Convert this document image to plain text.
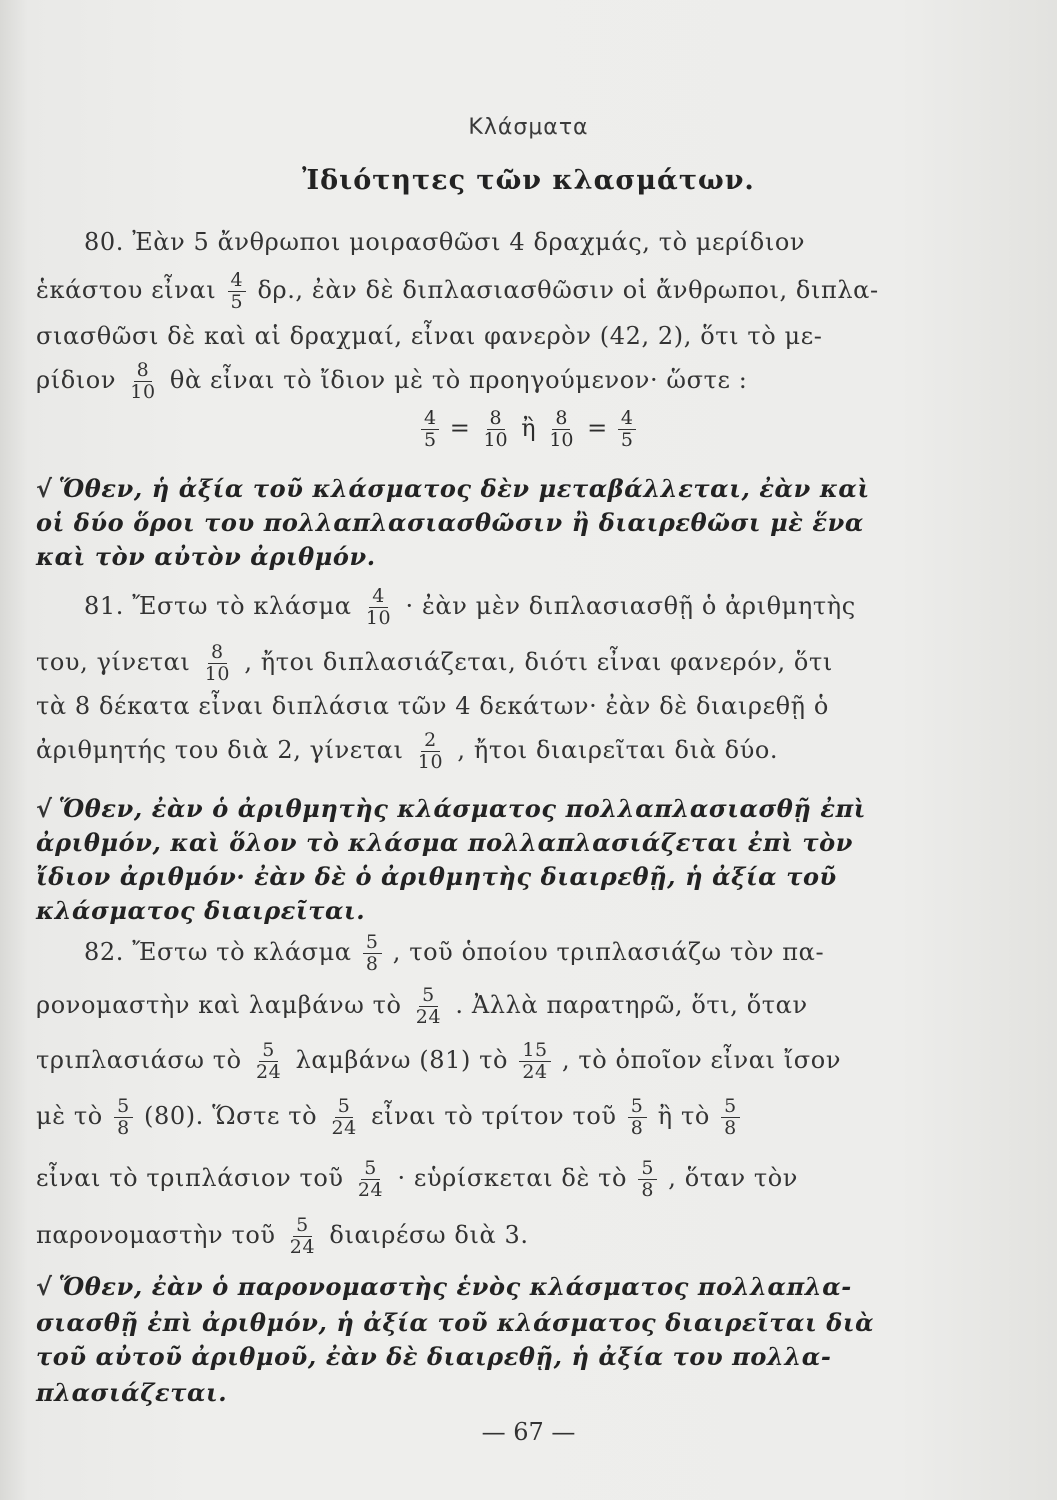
Κλάσματα
Ἰδιότητες τῶν κλασμάτων.
80. Ἐὰν 5 ἄνθρωποι μοιρασθῶσι 4 δραχμάς, τὸ μερίδιον
ἑκάστου εἶναι $\frac{4}{5} \delta\rho$., ἐὰν δὲ διπλασιασθῶσιν οἱ ἄνθρωποι, διπλα-
σιασθῶσι δὲ καὶ αἱ δραχμαί, εἶναι φανερὸν (42, 2), ὅτι τὸ με-
ρίδιον $\frac{8}{10}$ θὰ εἶναι τὸ ἴδιον μὲ τὸ προηγούμενον· ὥστε :
$\frac{4}{5} = \frac{8}{10}$ ἢ $\frac{8}{10} = \frac{4}{5}$
√ Ὅθεν, ἡ ἀξία τοῦ κλάσματος δὲν μεταβάλλεται, ἐὰν καὶ
οἱ δύο ὅροι του πολλαπλασιασθῶσιν ἢ διαιρεθῶσι μὲ ἕνα
καὶ τὸν αὐτὸν ἀριθμόν.
81. Ἔστω τὸ κλάσμα $\frac{4}{10}$ · ἐὰν μὲν διπλασιασθῇ ὁ ἀριθμητὴς
του, γίνεται $\frac{8}{10}$ , ἤτοι διπλασιάζεται, διότι εἶναι φανερόν, ὅτι
τὰ 8 δέκατα εἶναι διπλάσια τῶν 4 δεκάτων· ἐὰν δὲ διαιρεθῇ ὁ
ἀριθμητής του διὰ 2, γίνεται $\frac{2}{10}$ , ἤτοι διαιρεῖται διὰ δύο.
√ Ὅθεν, ἐὰν ὁ ἀριθμητὴς κλάσματος πολλαπλασιασθῇ ἐπὶ
ἀριθμόν, καὶ ὅλον τὸ κλάσμα πολλαπλασιάζεται ἐπὶ τὸν
ἴδιον ἀριθμόν· ἐὰν δὲ ὁ ἀριθμητὴς διαιρεθῇ, ἡ ἀξία τοῦ
κλάσματος διαιρεῖται.
82. Ἔστω τὸ κλάσμα $\frac{5}{8}$ , τοῦ ὁποίου τριπλασιάζω τὸν πα-
ρονομαστὴν καὶ λαμβάνω τὸ $\frac{5}{24}$ . Ἀλλὰ παρατηρῶ, ὅτι, ὅταν
τριπλασιάσω τὸ $\frac{5}{24}$ λαμβάνω (81) τὸ $\frac{15}{24}$ , τὸ ὁποῖον εἶναι ἴσον
μὲ τὸ $\frac{5}{8} (80)$. Ὥστε τὸ $\frac{5}{24}$ εἶναι τὸ τρίτον τοῦ $\frac{5}{8}$ ἢ τὸ $\frac{5}{8}$
εἶναι τὸ τριπλάσιον τοῦ $\frac{5}{24}$ · εὑρίσκεται δὲ τὸ $\frac{5}{8}$ , ὅταν τὸν
παρονομαστὴν τοῦ $\frac{5}{24}$ διαιρέσω διὰ 3.
√ Ὅθεν, ἐὰν ὁ παρονομαστὴς ἑνὸς κλάσματος πολλαπλα-
σιασθῇ ἐπὶ ἀριθμόν, ἡ ἀξία τοῦ κλάσματος διαιρεῖται διὰ
τοῦ αὐτοῦ ἀριθμοῦ, ἐὰν δὲ διαιρεθῇ, ἡ ἀξία του πολλα-
πλασιάζεται.
— 67 —
